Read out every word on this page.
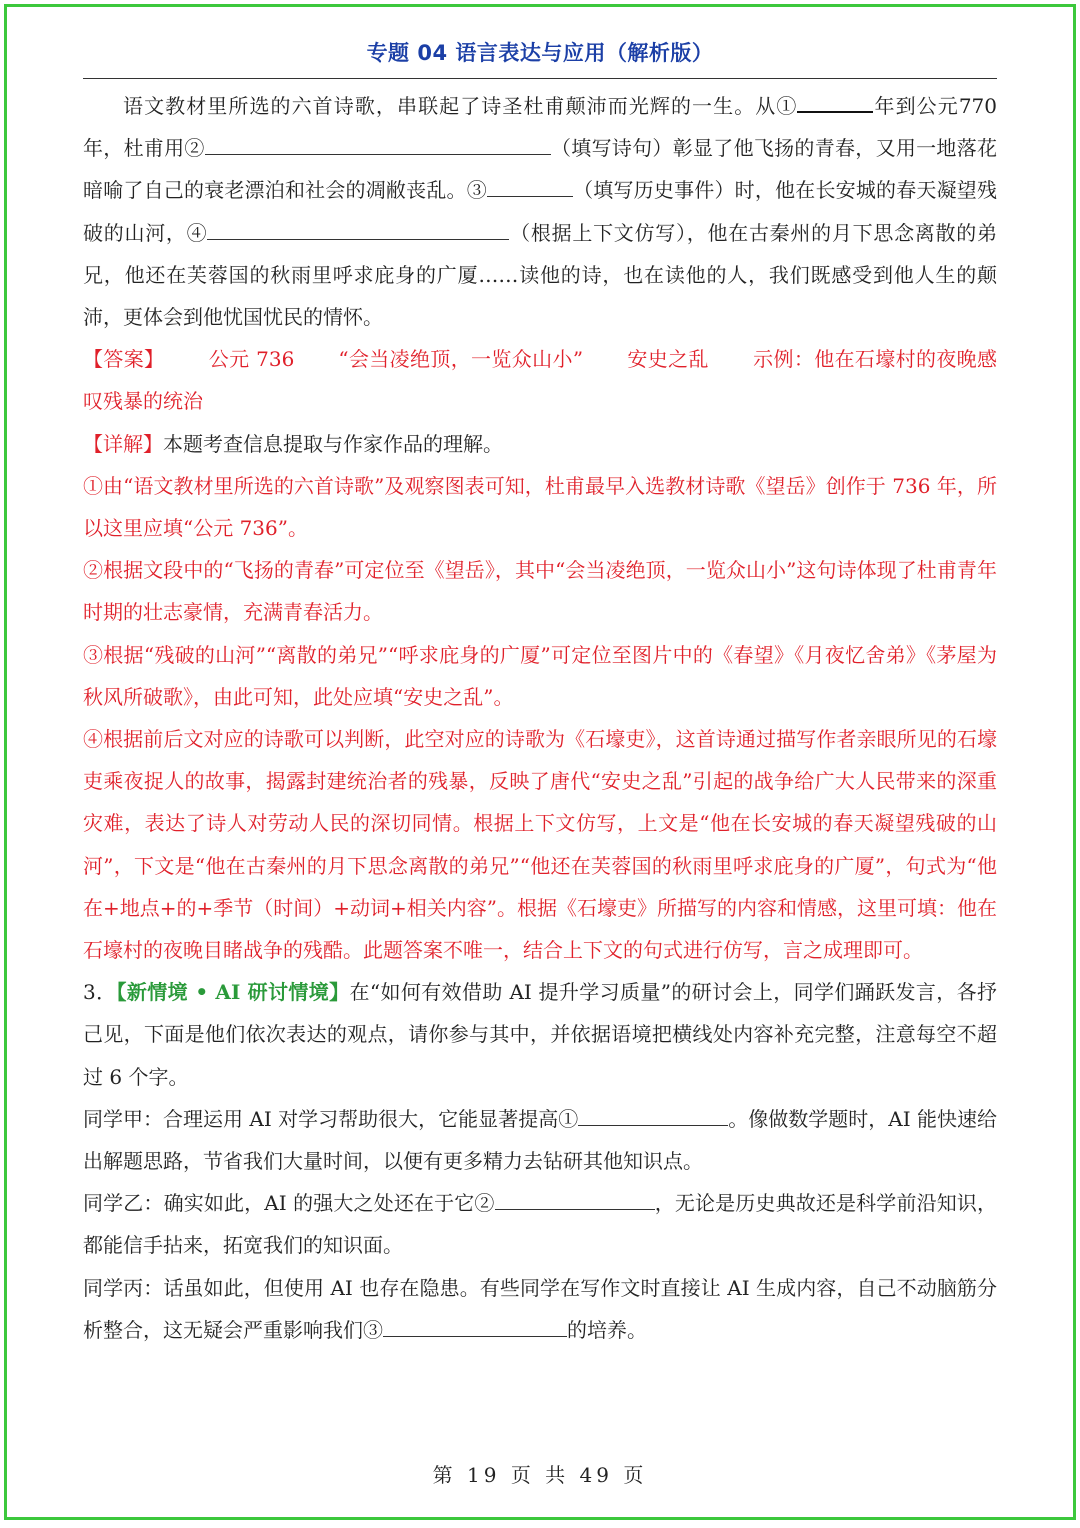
专题 04 语言表达与应用（解析版）

语文教材里所选的六首诗歌，串联起了诗圣杜甫颠沛而光辉的一生。从①	年到公元770 年，杜甫用②	（填写诗句）彰显了他飞扬的青春，又用一地落花暗喻了自己的衰老漂泊和社会的凋敝丧乱。③	（填写历史事件）时，他在长安城的春天凝望残破的山河，④	（根据上下文仿写），他在古秦州的月下思念离散的弟兄，他还在芙蓉国的秋雨里呼求庇身的广厦……读他的诗，也在读他的人，我们既感受到他人生的颠沛，更体会到他忧国忧民的情怀。

【答案】 公元 736 “会当凌绝顶，一览众山小” 安史之乱 示例：他在石壕村的夜晚感叹残暴的统治

【详解】本题考查信息提取与作家作品的理解。

①由“语文教材里所选的六首诗歌”及观察图表可知，杜甫最早入选教材诗歌《望岳》创作于 736 年，所以这里应填“公元 736”。

②根据文段中的“飞扬的青春”可定位至《望岳》，其中“会当凌绝顶，一览众山小”这句诗体现了杜甫青年时期的壮志豪情，充满青春活力。

③根据“残破的山河”“离散的弟兄”“呼求庇身的广厦”可定位至图片中的《春望》《月夜忆舍弟》《茅屋为秋风所破歌》，由此可知，此处应填“安史之乱”。

④根据前后文对应的诗歌可以判断，此空对应的诗歌为《石壕吏》，这首诗通过描写作者亲眼所见的石壕吏乘夜捉人的故事，揭露封建统治者的残暴，反映了唐代“安史之乱”引起的战争给广大人民带来的深重灾难，表达了诗人对劳动人民的深切同情。根据上下文仿写，上文是“他在长安城的春天凝望残破的山河”，下文是“他在古秦州的月下思念离散的弟兄”“他还在芙蓉国的秋雨里呼求庇身的广厦”，句式为“他在+地点+的+季节（时间）+动词+相关内容”。根据《石壕吏》所描写的内容和情感，这里可填：他在石壕村的夜晚目睹战争的残酷。此题答案不唯一，结合上下文的句式进行仿写，言之成理即可。

3．【新情境 • AI 研讨情境】在“如何有效借助 AI 提升学习质量”的研讨会上，同学们踊跃发言，各抒己见，下面是他们依次表达的观点，请你参与其中，并依据语境把横线处内容补充完整，注意每空不超过 6 个字。

同学甲：合理运用 AI 对学习帮助很大，它能显著提高①	。像做数学题时，AI 能快速给出解题思路，节省我们大量时间，以便有更多精力去钻研其他知识点。

同学乙：确实如此，AI 的强大之处还在于它②	，无论是历史典故还是科学前沿知识，都能信手拈来，拓宽我们的知识面。

同学丙：话虽如此，但使用 AI 也存在隐患。有些同学在写作文时直接让 AI 生成内容，自己不动脑筋分析整合，这无疑会严重影响我们③	的培养。

第 19 页 共 49 页
